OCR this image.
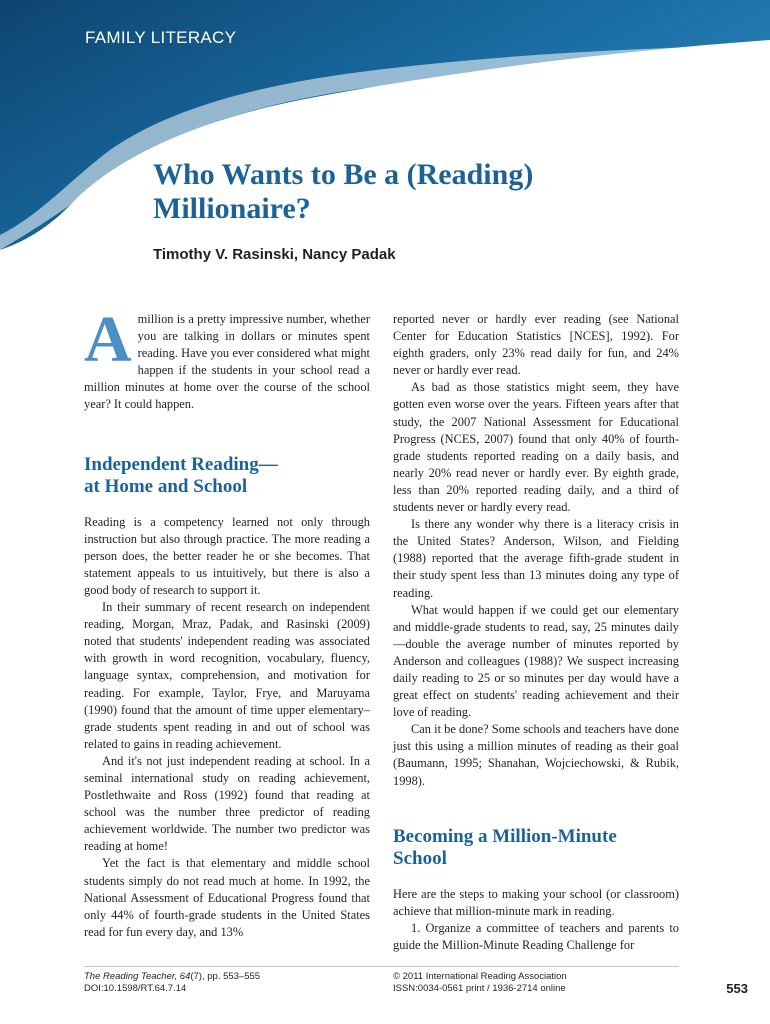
FAMILY LITERACY
Who Wants to Be a (Reading)
Millionaire?
Timothy V. Rasinski, Nancy Padak

Amillion is a pretty impressive number, whether you are talking in dollars or minutes spent reading. Have you ever considered what might happen if the students in your school read a million minutes at home over the course of the school year? It could happen.

Independent Reading—
at Home and School

Reading is a competency learned not only through instruction but also through practice. The more reading a person does, the better reader he or she becomes. That statement appeals to us intuitively, but there is also a good body of research to support it.

In their summary of recent research on independent reading, Morgan, Mraz, Padak, and Rasinski (2009) noted that students' independent reading was associated with growth in word recognition, vocabulary, fluency, language syntax, comprehension, and motivation for reading. For example, Taylor, Frye, and Maruyama (1990) found that the amount of time upper elementary–grade students spent reading in and out of school was related to gains in reading achievement.

And it's not just independent reading at school. In a seminal international study on reading achievement, Postlethwaite and Ross (1992) found that reading at school was the number three predictor of reading achievement worldwide. The number two predictor was reading at home!

Yet the fact is that elementary and middle school students simply do not read much at home. In 1992, the National Assessment of Educational Progress found that only 44% of fourth-grade students in the United States read for fun every day, and 13%

reported never or hardly ever reading (see National Center for Education Statistics [NCES], 1992). For eighth graders, only 23% read daily for fun, and 24% never or hardly ever read.

As bad as those statistics might seem, they have gotten even worse over the years. Fifteen years after that study, the 2007 National Assessment for Educational Progress (NCES, 2007) found that only 40% of fourth-grade students reported reading on a daily basis, and nearly 20% read never or hardly ever. By eighth grade, less than 20% reported reading daily, and a third of students never or hardly every read.

Is there any wonder why there is a literacy crisis in the United States? Anderson, Wilson, and Fielding (1988) reported that the average fifth-grade student in their study spent less than 13 minutes doing any type of reading.

What would happen if we could get our elementary and middle-grade students to read, say, 25 minutes daily—double the average number of minutes reported by Anderson and colleagues (1988)? We suspect increasing daily reading to 25 or so minutes per day would have a great effect on students' reading achievement and their love of reading.

Can it be done? Some schools and teachers have done just this using a million minutes of reading as their goal (Baumann, 1995; Shanahan, Wojciechowski, & Rubik, 1998).

Becoming a Million-Minute
School

Here are the steps to making your school (or classroom) achieve that million-minute mark in reading.

1. Organize a committee of teachers and parents to guide the Million-Minute Reading Challenge for

The Reading Teacher, 64(7), pp. 553–555
DOI:10.1598/RT.64.7.14
© 2011 International Reading Association
ISSN:0034-0561 print / 1936-2714 online	553
